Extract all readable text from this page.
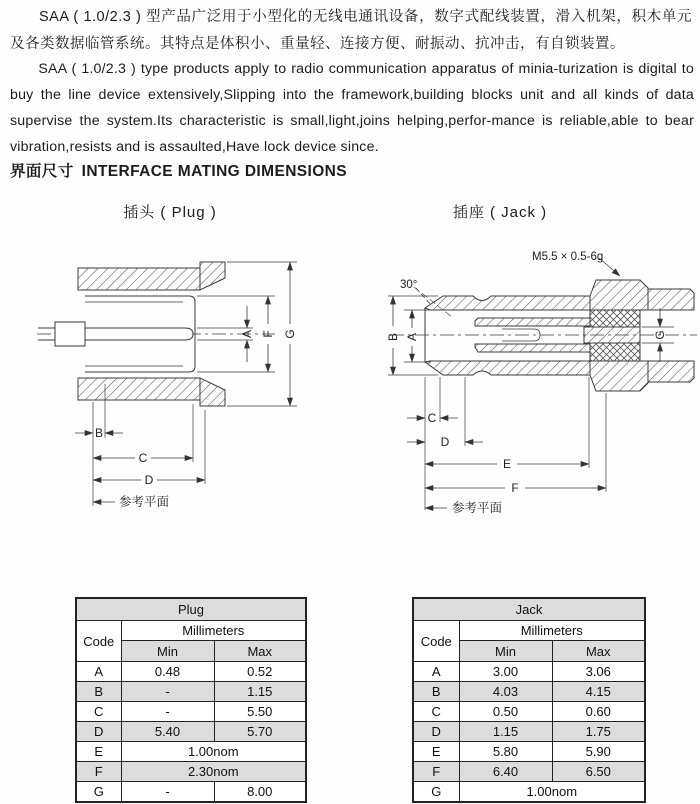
SAA ( 1.0/2.3 ) 型产品广泛用于小型化的无线电通讯设备，数字式配线装置，滑入机架，积木单元及各类数据临管系统。其特点是体积小、重量轻、连接方便、耐振动、抗冲击，有自锁装置。
SAA ( 1.0/2.3 ) type products apply to radio communication apparatus of minia-turization is digital to buy the line device extensively,Slipping into the framework,building blocks unit and all kinds of data supervise the system.Its characteristic is small,light,joins helping,perfor-mance is reliable,able to bear vibration,resists and is assaulted,Have lock device since.
界面尺寸 INTERFACE MATING DIMENSIONS
插头 ( Plug )	插座 ( Jack )
A F G
B
C
D
参考平面
M5.5 × 0.5-6g
30°
B A	G
C
D
E
F
参考平面
Plug		
Code	Millimeters	
	Min	Max
A	0.48	0.52
B	-	1.15
C	-	5.50
D	5.40	5.70
E	1.00nom	
F	2.30nom	
G	-	8.00
Jack		
Code	Millimeters	
	Min	Max
A	3.00	3.06
B	4.03	4.15
C	0.50	0.60
D	1.15	1.75
E	5.80	5.90
F	6.40	6.50
G	1.00nom	
